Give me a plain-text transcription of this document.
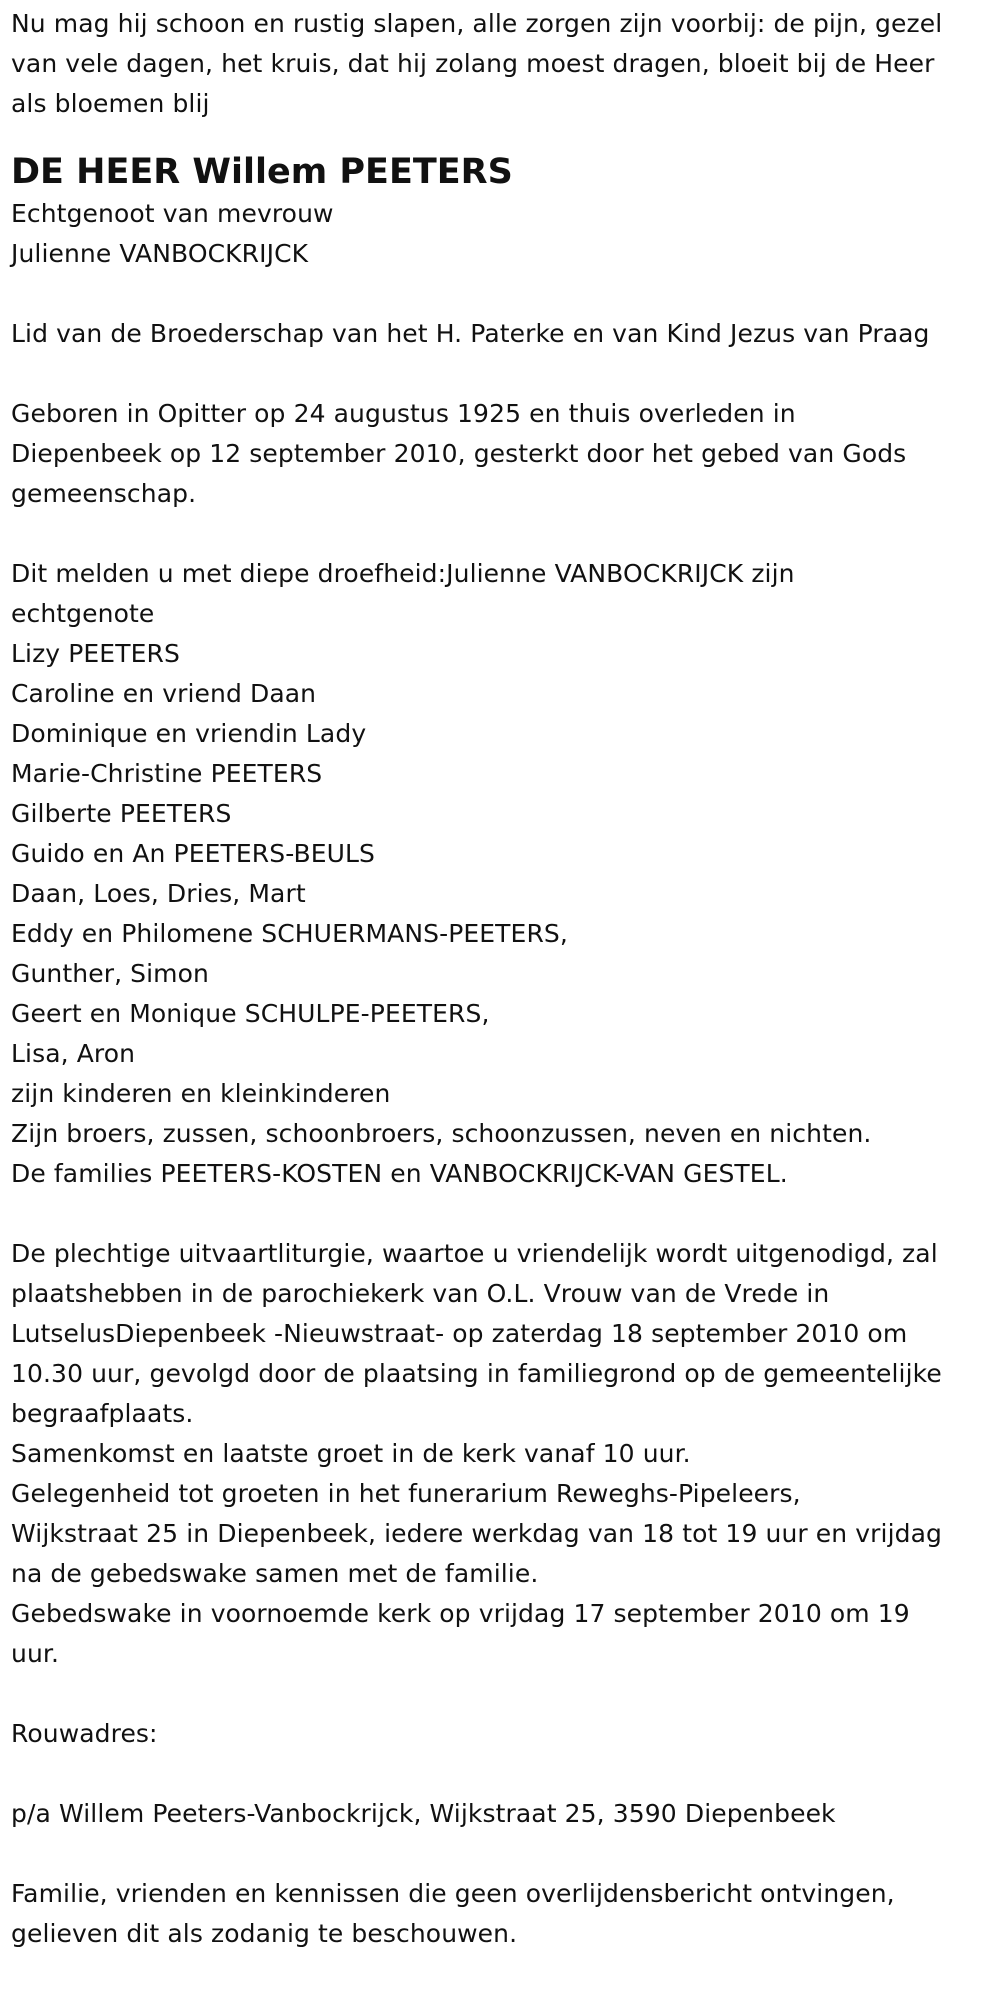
Nu mag hij schoon en rustig slapen, alle zorgen zijn voorbij: de pijn, gezel
van vele dagen, het kruis, dat hij zolang moest dragen, bloeit bij de Heer
als bloemen blij
DE HEER Willem PEETERS
Echtgenoot van mevrouw
Julienne VANBOCKRIJCK
Lid van de Broederschap van het H. Paterke en van Kind Jezus van Praag
Geboren in Opitter op 24 augustus 1925 en thuis overleden in
Diepenbeek op 12 september 2010, gesterkt door het gebed van Gods
gemeenschap.
Dit melden u met diepe droefheid:Julienne VANBOCKRIJCK zijn
echtgenote
Lizy PEETERS
Caroline en vriend Daan
Dominique en vriendin Lady
Marie-Christine PEETERS
Gilberte PEETERS
Guido en An PEETERS-BEULS
Daan, Loes, Dries, Mart
Eddy en Philomene SCHUERMANS-PEETERS,
Gunther, Simon
Geert en Monique SCHULPE-PEETERS,
Lisa, Aron
zijn kinderen en kleinkinderen
Zijn broers, zussen, schoonbroers, schoonzussen, neven en nichten.
De families PEETERS-KOSTEN en VANBOCKRIJCK-VAN GESTEL.
De plechtige uitvaartliturgie, waartoe u vriendelijk wordt uitgenodigd, zal
plaatshebben in de parochiekerk van O.L. Vrouw van de Vrede in
LutselusDiepenbeek -Nieuwstraat- op zaterdag 18 september 2010 om
10.30 uur, gevolgd door de plaatsing in familiegrond op de gemeentelijke
begraafplaats.
Samenkomst en laatste groet in de kerk vanaf 10 uur.
Gelegenheid tot groeten in het funerarium Reweghs-Pipeleers,
Wijkstraat 25 in Diepenbeek, iedere werkdag van 18 tot 19 uur en vrijdag
na de gebedswake samen met de familie.
Gebedswake in voornoemde kerk op vrijdag 17 september 2010 om 19
uur.
Rouwadres:
p/a Willem Peeters-Vanbockrijck, Wijkstraat 25, 3590 Diepenbeek
Familie, vrienden en kennissen die geen overlijdensbericht ontvingen,
gelieven dit als zodanig te beschouwen.
